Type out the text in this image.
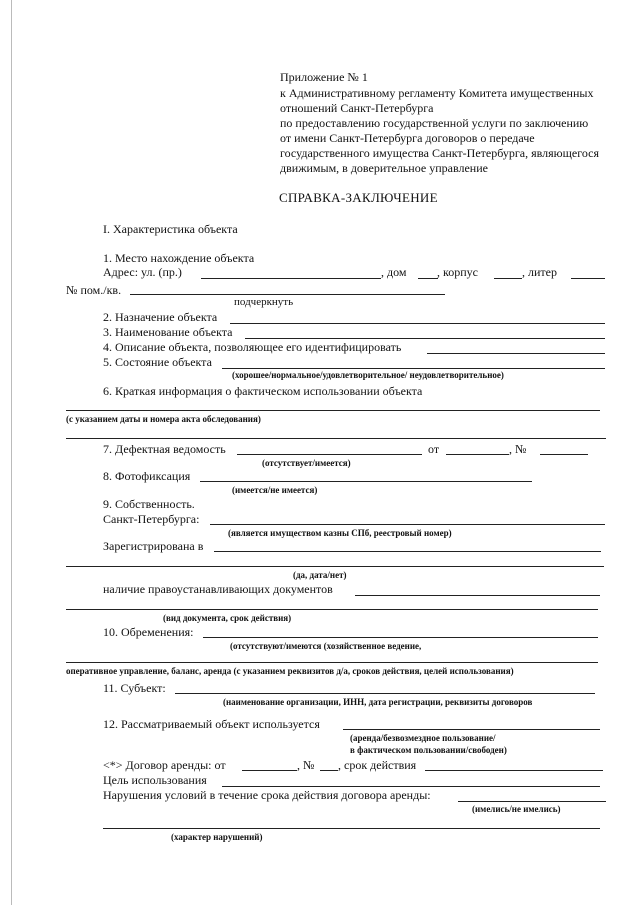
Приложение № 1
к Административному регламенту Комитета имущественных
отношений Санкт-Петербурга
по предоставлению государственной услуги по заключению
от имени Санкт-Петербурга договоров о передаче
государственного имущества Санкт-Петербурга, являющегося
движимым, в доверительное управление
СПРАВКА-ЗАКЛЮЧЕНИЕ
I. Характеристика объекта
1. Место нахождение объекта
Адрес: ул. (пр.)	, дом	, корпус	, литер
№ пом./кв.
подчеркнуть
2. Назначение объекта
3. Наименование объекта
4. Описание объекта, позволяющее его идентифицировать
5. Состояние объекта
(хорошее/нормальное/удовлетворительное/ неудовлетворительное)
6. Краткая информация о фактическом использовании объекта
(с указанием даты и номера акта обследования)
7. Дефектная ведомость	от	, №
(отсутствует/имеется)
8. Фотофиксация
(имеется/не имеется)
9. Собственность.
Санкт-Петербурга:
(является имуществом казны СПб, реестровый номер)
Зарегистрирована в
(да, дата/нет)
наличие правоустанавливающих документов
(вид документа, срок действия)
10. Обременения:
(отсутствуют/имеются (хозяйственное ведение,
оперативное управление, баланс, аренда (с указанием реквизитов д/а, сроков действия, целей использования)
11. Субъект:
(наименование организации, ИНН, дата регистрации, реквизиты договоров
12. Рассматриваемый объект используется
(аренда/безвозмездное пользование/
в фактическом пользовании/свободен)
<*> Договор аренды: от	, № , срок действия
Цель использования
Нарушения условий в течение срока действия договора аренды:
(имелись/не имелись)
(характер нарушений)
